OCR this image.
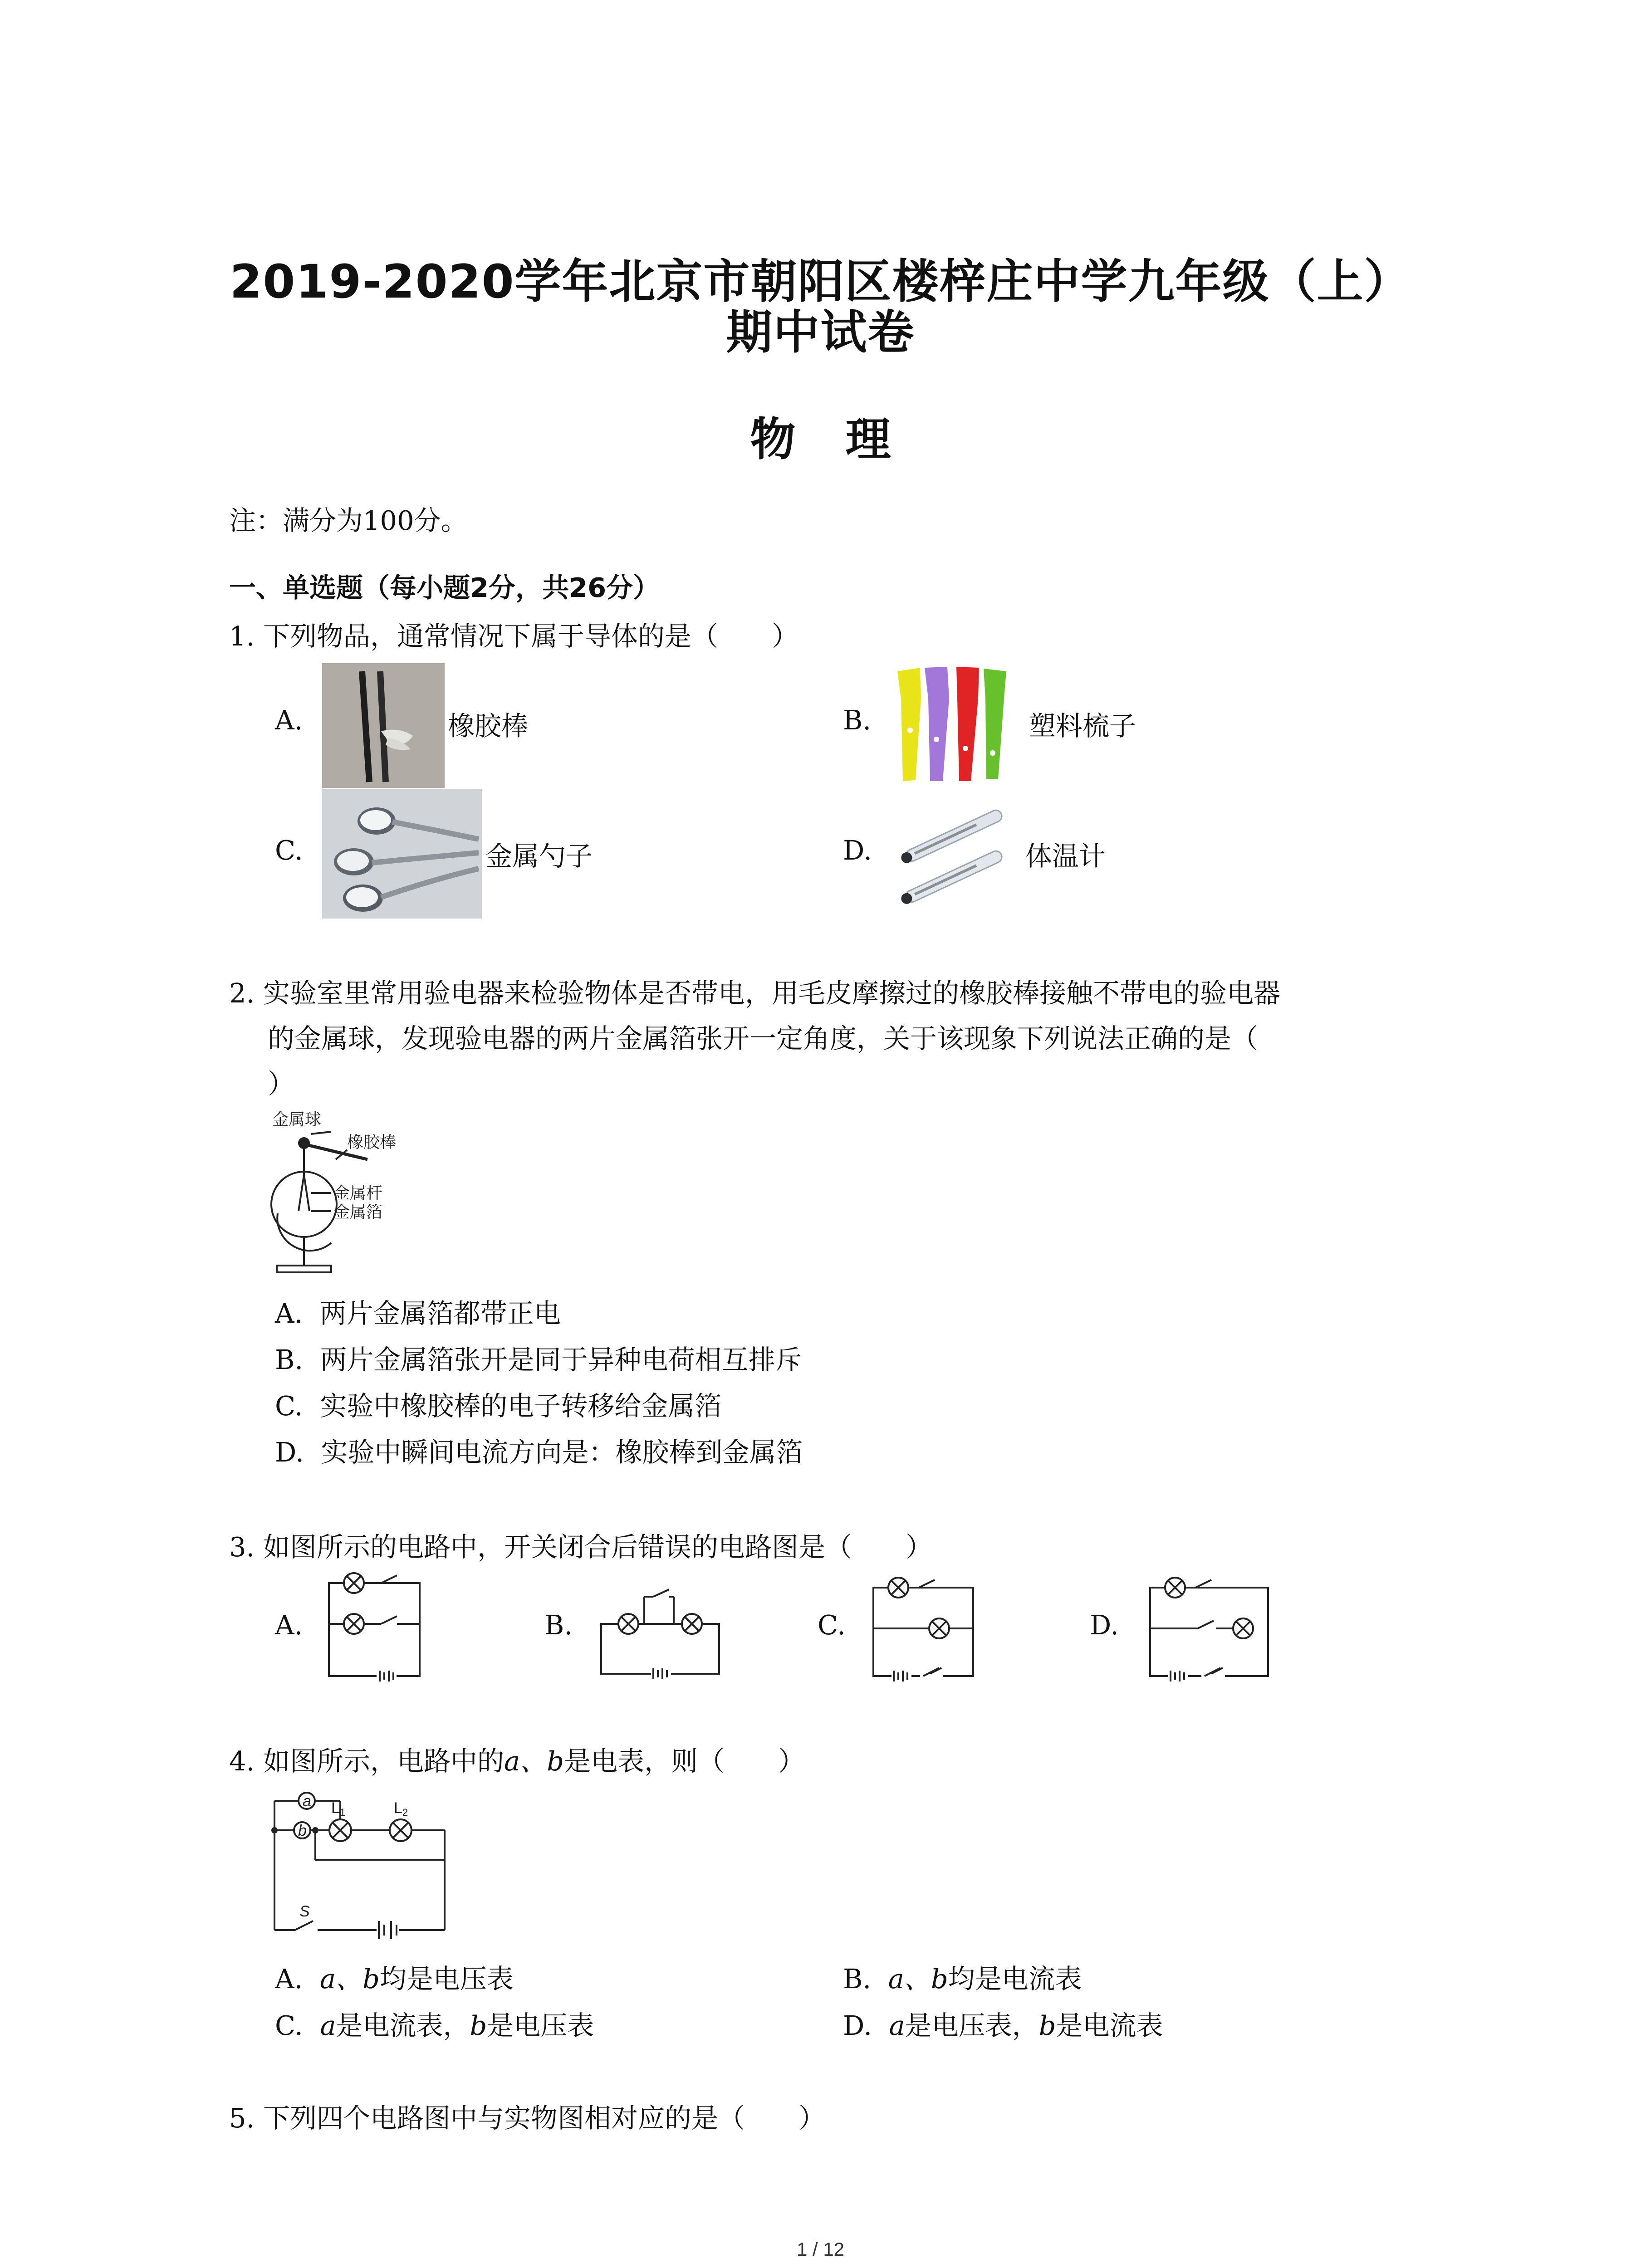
2019-2020学年北京市朝阳区楼梓庄中学九年级（上）
期中试卷
物理
注：满分为100分。
一、单选题（每小题2分，共26分）
1. 下列物品，通常情况下属于导体的是（　　）
A.	橡胶棒	B.	塑料梳子
C.	金属勺子	D.	体温计
2. 实验室里常用验电器来检验物体是否带电，用毛皮摩擦过的橡胶棒接触不带电的验电器
的金属球，发现验电器的两片金属箔张开一定角度，关于该现象下列说法正确的是（
）
金属球
橡胶棒
金属杆
金属箔
A. 两片金属箔都带正电
B. 两片金属箔张开是同于异种电荷相互排斥
C. 实验中橡胶棒的电子转移给金属箔
D. 实验中瞬间电流方向是：橡胶棒到金属箔
3. 如图所示的电路中，开关闭合后错误的电路图是（　　）
A.	B.	C.	D.
4. 如图所示，电路中的a、b是电表，则（　　）
a
b
L1	L2
S
A. a、b均是电压表	B. a、b均是电流表
C. a是电流表，b是电压表	D. a是电压表，b是电流表
5. 下列四个电路图中与实物图相对应的是（　　）
1 / 12
